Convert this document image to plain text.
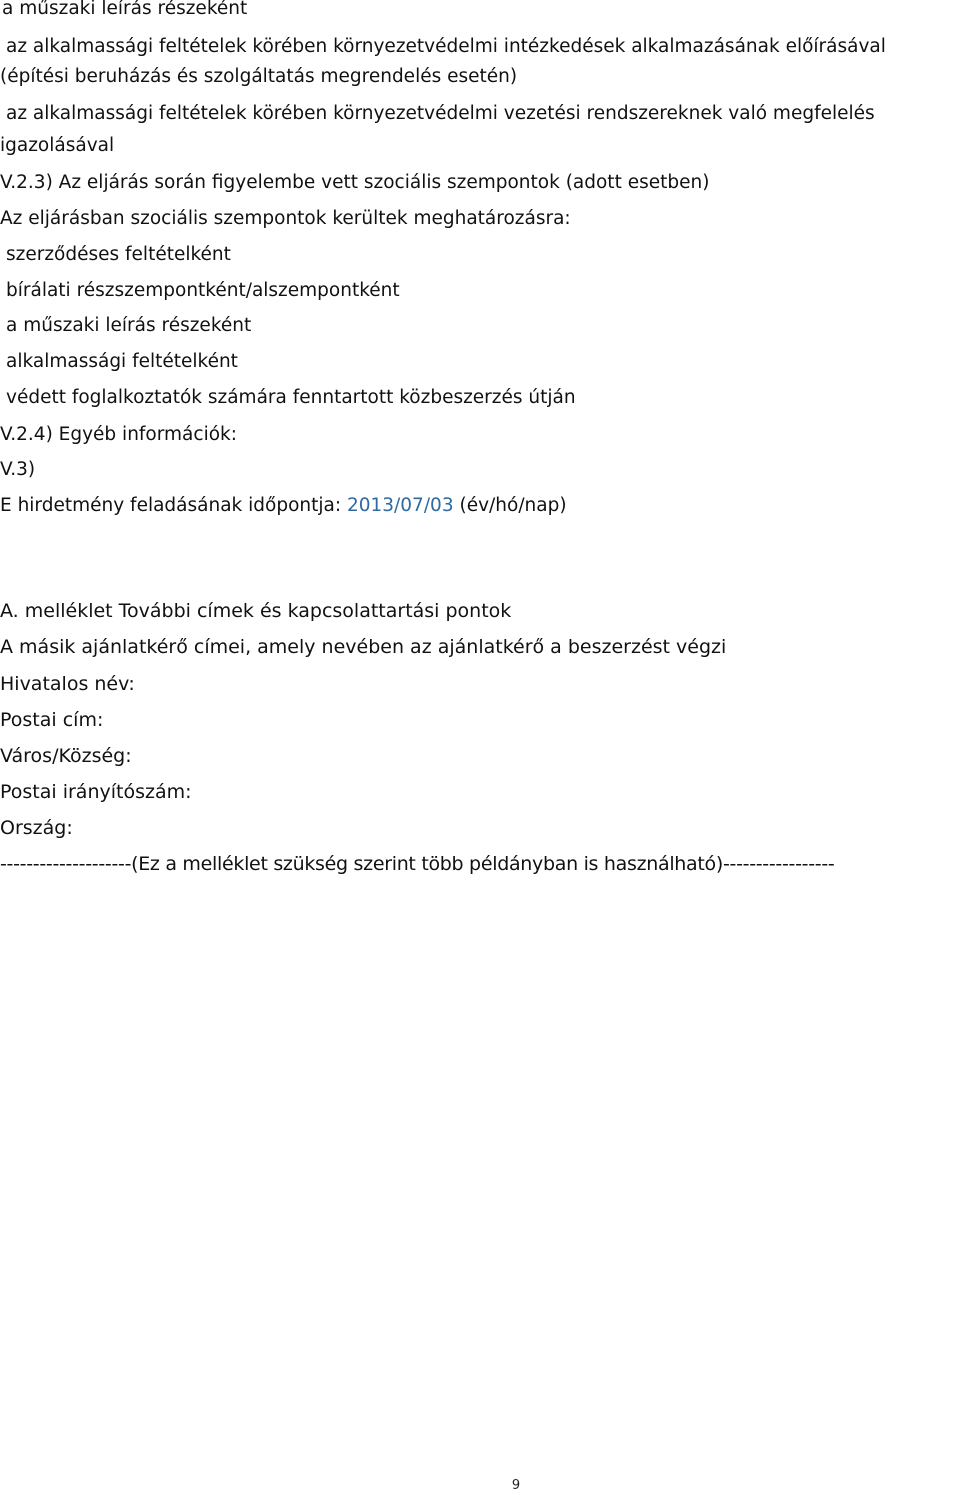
a műszaki leírás részeként
az alkalmassági feltételek körében környezetvédelmi intézkedések alkalmazásának előírásával
(építési beruházás és szolgáltatás megrendelés esetén)
az alkalmassági feltételek körében környezetvédelmi vezetési rendszereknek való megfelelés
igazolásával
V.2.3) Az eljárás során figyelembe vett szociális szempontok (adott esetben)
Az eljárásban szociális szempontok kerültek meghatározásra:
szerződéses feltételként
bírálati részszempontként/alszempontként
a műszaki leírás részeként
alkalmassági feltételként
védett foglalkoztatók számára fenntartott közbeszerzés útján
V.2.4) Egyéb információk:
V.3)
E hirdetmény feladásának időpontja: 2013/07/03 (év/hó/nap)
A. melléklet További címek és kapcsolattartási pontok
A másik ajánlatkérő címei, amely nevében az ajánlatkérő a beszerzést végzi
Hivatalos név:
Postai cím:
Város/Község:
Postai irányítószám:
Ország:
--------------------(Ez a melléklet szükség szerint több példányban is használható)-----------------
9
